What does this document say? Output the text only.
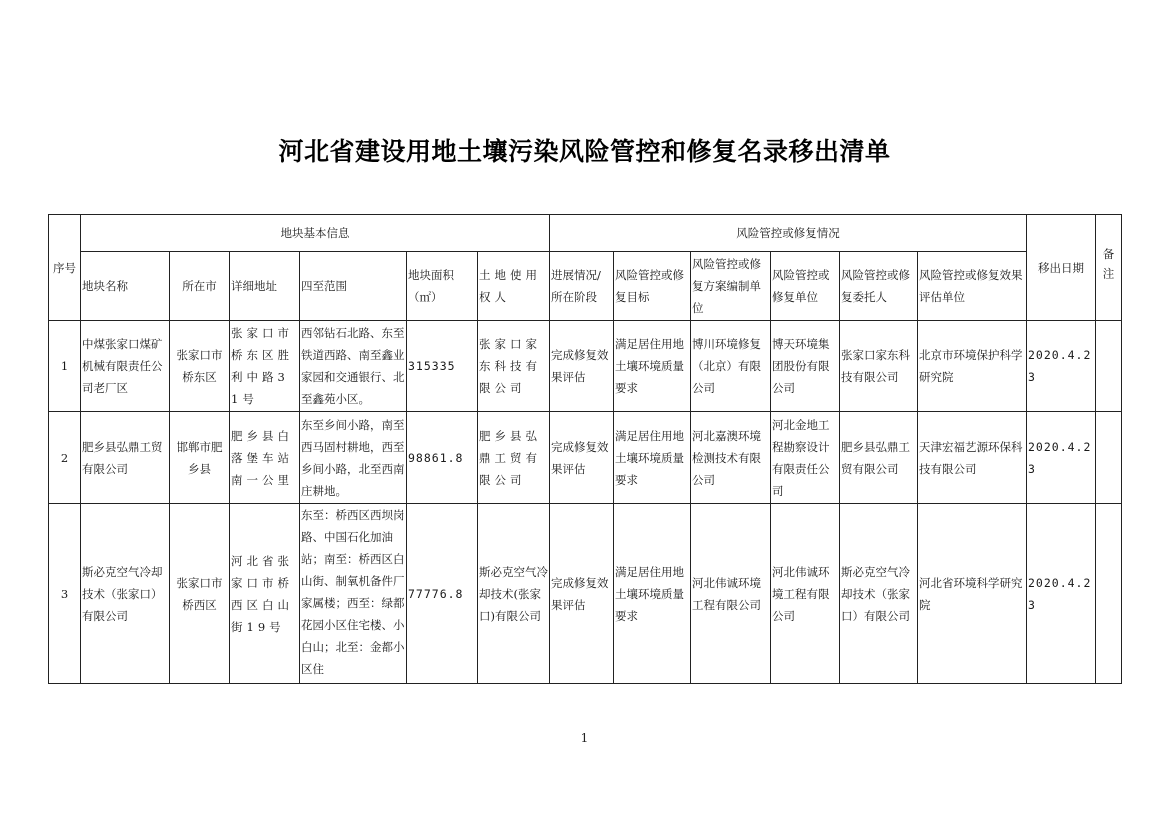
河北省建设用地土壤污染风险管控和修复名录移出清单
序号	地块基本信息						风险管控或修复情况						移出日期	备注
	地块名称	所在市	详细地址	四至范围	地块面积（㎡）	土地使用权人	进展情况/所在阶段	风险管控或修复目标	风险管控或修复方案编制单位	风险管控或修复单位	风险管控或修复委托人	风险管控或修复效果评估单位		
1	中煤张家口煤矿机械有限责任公司老厂区	张家口市桥东区	张家口市桥东区胜利中路31号	西邻钻石北路、东至铁道西路、南至鑫业家园和交通银行、北至鑫苑小区。	315335	张家口家东科技有限公司	完成修复效果评估	满足居住用地土壤环境质量要求	博川环境修复（北京）有限公司	博天环境集团股份有限公司	张家口家东科技有限公司	北京市环境保护科学研究院	2020.4.23	
2	肥乡县弘鼎工贸有限公司	邯郸市肥乡县	肥乡县白落堡车站南一公里	东至乡间小路，南至西马固村耕地，西至乡间小路，北至西南庄耕地。	98861.8	肥乡县弘鼎工贸有限公司	完成修复效果评估	满足居住用地土壤环境质量要求	河北嘉澳环境检测技术有限公司	河北金地工程勘察设计有限责任公司	肥乡县弘鼎工贸有限公司	天津宏福艺源环保科技有限公司	2020.4.23	
3	斯必克空气冷却技术（张家口）有限公司	张家口市桥西区	河北省张家口市桥西区白山街19号	东至：桥西区西坝岗路、中国石化加油站；南至：桥西区白山街、制氧机备件厂家属楼；西至：绿都花园小区住宅楼、小白山；北至：金都小区住	77776.8	斯必克空气冷却技术(张家口)有限公司	完成修复效果评估	满足居住用地土壤环境质量要求	河北伟诚环境工程有限公司	河北伟诚环境工程有限公司	斯必克空气冷却技术（张家口）有限公司	河北省环境科学研究院	2020.4.23	
1
